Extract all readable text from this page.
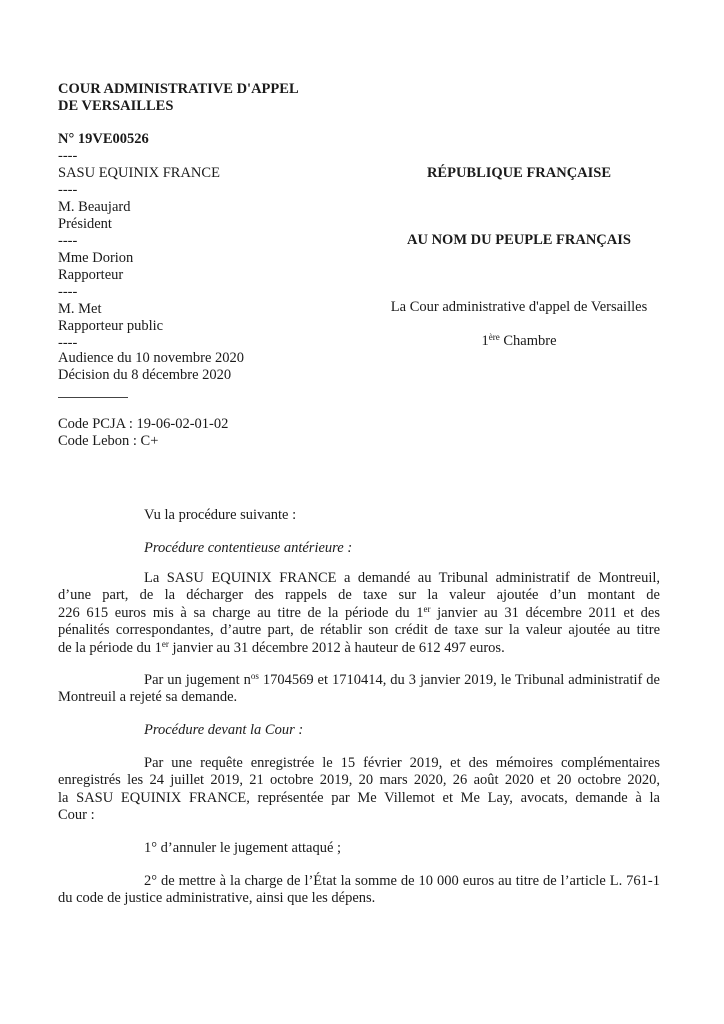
COUR ADMINISTRATIVE D'APPEL
DE VERSAILLES
N° 19VE00526
----
SASU EQUINIX FRANCE
----
M. Beaujard
Président
----
Mme Dorion
Rapporteur
----
M. Met
Rapporteur public
----
Audience du 10 novembre 2020
Décision du 8 décembre 2020
Code PCJA : 19-06-02-01-02
Code Lebon : C+
RÉPUBLIQUE FRANÇAISE
AU NOM DU PEUPLE FRANÇAIS
La Cour administrative d'appel de Versailles
1ère Chambre
Vu la procédure suivante :
Procédure contentieuse antérieure :
La SASU EQUINIX FRANCE a demandé au Tribunal administratif de Montreuil,
d’une part, de la décharger des rappels de taxe sur la valeur ajoutée d’un montant de
226 615 euros mis à sa charge au titre de la période du 1er janvier au 31 décembre 2011 et des
pénalités correspondantes, d’autre part, de rétablir son crédit de taxe sur la valeur ajoutée au titre
de la période du 1er janvier au 31 décembre 2012 à hauteur de 612 497 euros.
Par un jugement $n^{os}$ 1704569 et 1710414, du 3 janvier 2019, le Tribunal administratif de
Montreuil a rejeté sa demande.
Procédure devant la Cour :
Par une requête enregistrée le 15 février 2019, et des mémoires complémentaires
enregistrés les 24 juillet 2019, 21 octobre 2019, 20 mars 2020, 26 août 2020 et 20 octobre 2020,
la SASU EQUINIX FRANCE, représentée par Me Villemot et Me Lay, avocats, demande à la
Cour :
1° d’annuler le jugement attaqué ;
2° de mettre à la charge de l’État la somme de 10 000 euros au titre de l’article L. 761-1
du code de justice administrative, ainsi que les dépens.
